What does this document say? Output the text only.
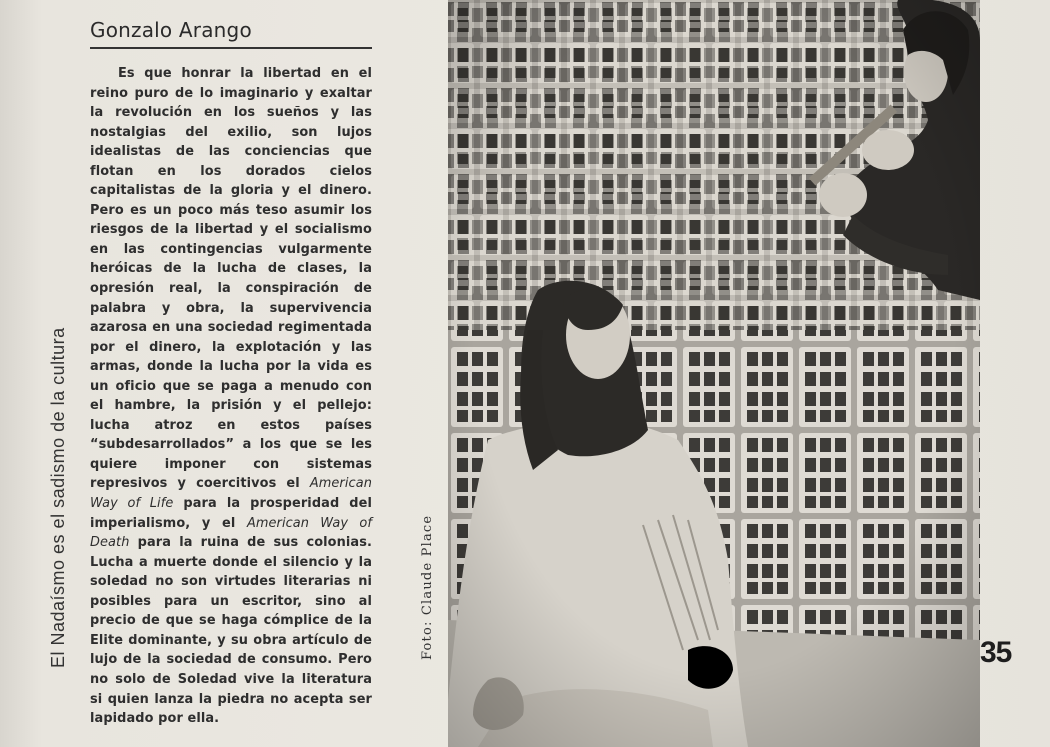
Gonzalo Arango

Es que honrar la libertad en el reino puro de lo imaginario y exaltar la revolución en los sueños y las nostalgias del exilio, son lujos idealistas de las conciencias que flotan en los dorados cielos capitalistas de la gloria y el dinero. Pero es un poco más teso asumir los riesgos de la libertad y el socialismo en las contingencias vulgarmente heróicas de la lucha de clases, la opresión real, la conspiración de palabra y obra, la supervivencia azarosa en una sociedad regimentada por el dinero, la explotación y las armas, donde la lucha por la vida es un oficio que se paga a menudo con el hambre, la prisión y el pellejo: lucha atroz en estos países “subdesarrollados” a los que se les quiere imponer con sistemas represivos y coercitivos el American Way of Life para la prosperidad del imperialismo, y el American Way of Death para la ruina de sus colonias. Lucha a muerte donde el silencio y la soledad no son virtudes literarias ni posibles para un escritor, sino al precio de que se haga cómplice de la Elite dominante, y su obra artículo de lujo de la sociedad de consumo. Pero no solo de Soledad vive la literatura si quien lanza la piedra no acepta ser lapidado por ella.

El Nadaísmo es el sadismo de la cultura	Foto: Claude Place	35
